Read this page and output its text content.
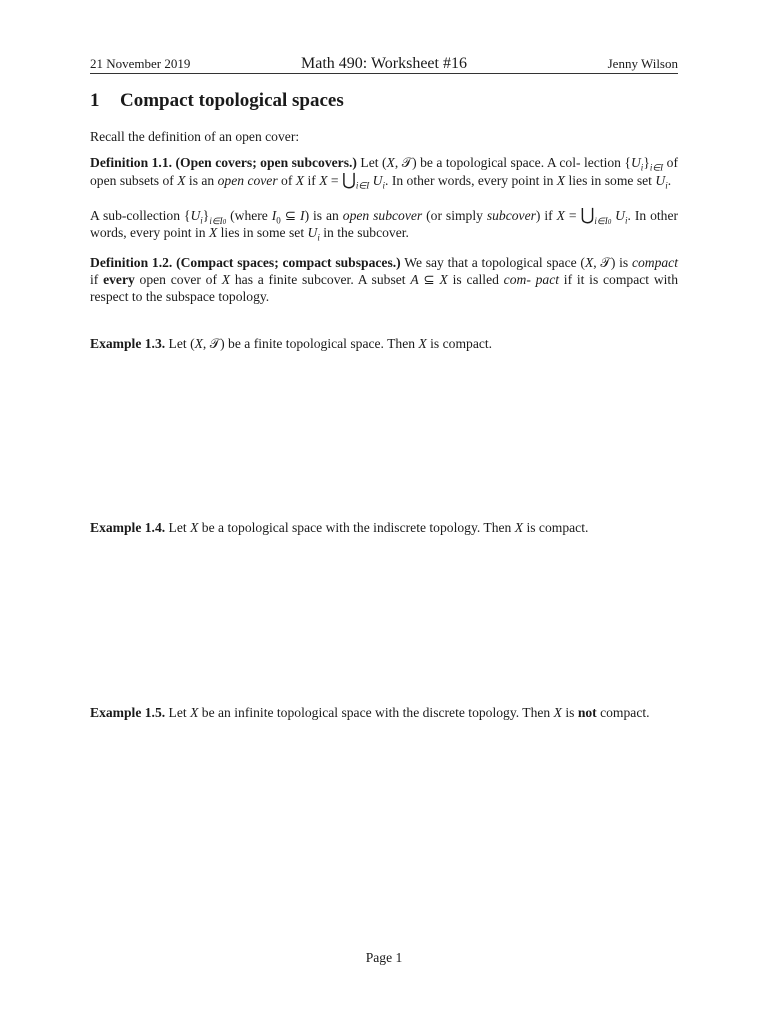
21 November 2019	Math 490: Worksheet #16	Jenny Wilson
1 Compact topological spaces

Recall the definition of an open cover:

Definition 1.1. (Open covers; open subcovers.) Let (X, 𝒯) be a topological space. A col- lection $\{U_i\}_{i\in I}$ of open subsets of X is an open cover of X if $X = ⋃_{i\in I}$ $U_i$. In other words, every point in X lies in some set $U_i$.

A sub-collection $\{U_i\}_{i\in I0}$ (where $I_0$ ⊆ I) is an open subcover (or simply subcover) if $X = ⋃_{i\in I0}$ $U_i$. In other words, every point in X lies in some set $U_i$ in the subcover.

Definition 1.2. (Compact spaces; compact subspaces.) We say that a topological space (X, 𝒯) is compact if every open cover of X has a finite subcover. A subset A ⊆ X is called com- pact if it is compact with respect to the subspace topology.

Example 1.3. Let (X, 𝒯) be a finite topological space. Then X is compact.

Example 1.4. Let X be a topological space with the indiscrete topology. Then X is compact.

Example 1.5. Let X be an infinite topological space with the discrete topology. Then X is not compact.

Page 1
